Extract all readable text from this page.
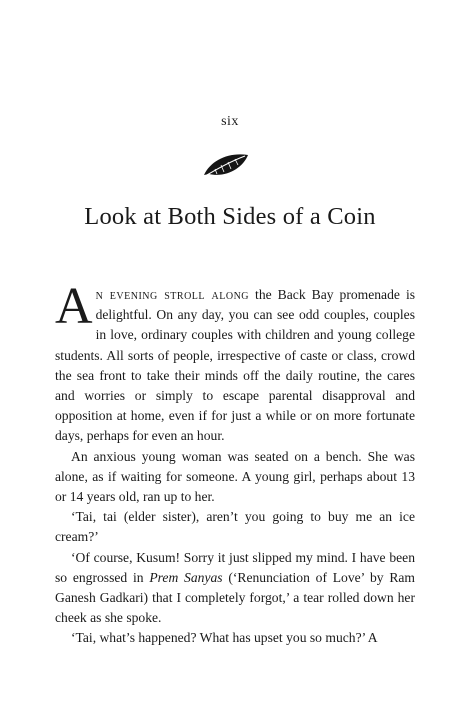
six
Look at Both Sides of a Coin

An evening stroll along the Back Bay promenade is delightful. On any day, you can see odd couples, couples in love, ordinary couples with children and young college students. All sorts of people, irrespective of caste or class, crowd the sea front to take their minds off the daily routine, the cares and worries or simply to escape parental disapproval and opposition at home, even if for just a while or on more fortunate days, perhaps for even an hour.

An anxious young woman was seated on a bench. She was alone, as if waiting for someone. A young girl, perhaps about 13 or 14 years old, ran up to her.

‘Tai, tai (elder sister), aren’t you going to buy me an ice cream?’

‘Of course, Kusum! Sorry it just slipped my mind. I have been so engrossed in Prem Sanyas (‘Renunciation of Love’ by Ram Ganesh Gadkari) that I completely forgot,’ a tear rolled down her cheek as she spoke.

‘Tai, what’s happened? What has upset you so much?’ A
